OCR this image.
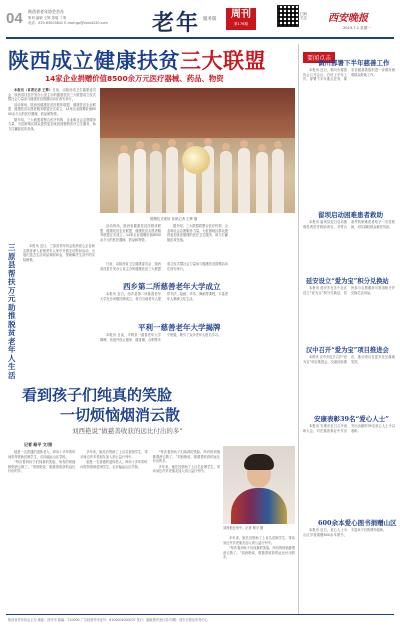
04 陕西省老年协会会办
策划·编辑 王辉 排版 丁明
电话：029-63003842 E-mail:gp@cbcbt120.com 老年 服务版	周刊
第176期
扫码关注	西安晚报
2019.7.1 星期一
陕西成立健康扶贫三大联盟
14家企业捐赠价值8500余万元医疗器械、药品、物资

本报讯（首席记者 王辉）日前，由陕西省卫生健康委员会、陕西省扶贫开发办公室主办的健康扶贫三大联盟成立仪式暨社会力量参与健康扶贫捐赠活动在西安举行。

活动现场，陕西省健康扶贫医联体联盟、健康扶贫企业联盟、健康扶贫志愿者服务联盟正式成立，14家企业捐赠价值8500余万元的医疗器械、药品和物资。

据介绍，三大联盟将整合医疗机构、企业和社会志愿服务力量，为贫困地区群众提供更加优质便捷的医疗卫生服务，助力打赢脱贫攻坚战。

捐赠仪式现场 首席记者 王辉 摄

活动现场，陕西省健康扶贫医联体联盟、健康扶贫企业联盟、健康扶贫志愿者服务联盟正式成立，14家企业捐赠价值8500余万元的医疗器械、药品和物资。

据介绍，三大联盟将整合医疗机构、企业和社会志愿服务力量，为贫困地区群众提供更加优质便捷的医疗卫生服务，助力打赢脱贫攻坚战。

三原县帮扶万元助推脱贫老年人生活
本报讯 近日，三原县老年协会组织爱心企业和志愿者深入贫困老年人家中开展走访慰问活动，为他们送去生活用品和慰问金，帮助解决生活中的实际困难。
西乡第二所慈善老年大学成立
本报讯 近日，西乡县第二所慈善老年大学在沙河镇挂牌成立，将为当地老年人提供书法、绘画、声乐、舞蹈等课程，丰富老年人精神文化生活。
平利一慈善老年大学揭牌
本报讯 日前，平利县一慈善老年大学揭牌，首批开设太极拳、健身操、合唱等多个班级，吸引了众多老年人报名学习。

日前，由陕西省卫生健康委员会、陕西省扶贫开发办公室主办的健康扶贫三大联盟成立仪式暨社会力量参与健康扶贫捐赠活动在西安举行。

看到孩子们纯真的笑脸
一切烦恼烟消云散
刘西艳说“做慈善收获的远比付出的多”
记者 路平 文/图

她是一名普通的退休老人，却用十多年的时间坚持资助贫困学生，走访偏远山区学校。

“每次看到孩子们纯真的笑脸，所有的烦恼都烟消云散了。”刘西艳说，做慈善收获的远比付出的多。

多年来，她先后资助了上百名贫困学生，带动身边许多老朋友加入到公益行列中。

她是一名普通的退休老人，却用十多年的时间坚持资助贫困学生，走访偏远山区学校。

“每次看到孩子们纯真的笑脸，所有的烦恼都烟消云散了。”刘西艳说，做慈善收获的远比付出的多。

多年来，她先后资助了上百名贫困学生，带动身边许多老朋友加入到公益行列中。

刘西艳在家中。记者 路平 摄

多年来，她先后资助了上百名贫困学生，带动身边许多老朋友加入到公益行列中。

“每次看到孩子们纯真的笑脸，所有的烦恼都烟消云散了。”刘西艳说，做慈善收获的远比付出的多。

要闻点击
铜川部署下半年慈善工作
本报讯 近日，铜川市慈善协会召开会议，总结上半年工作，部署下半年重点任务，要求各级慈善组织进一步做好困难群众救助工作。
留坝启动困难患者救助
本报讯 留坝县近日启动困难患者医疗救助项目，对符合条件的困难患者给予一次性救助，切实减轻群众就医负担。
延安设立“爱为宝”积分兑换站
本报讯 延安市在多个社区设立“爱为宝”积分兑换站，居民参与志愿服务可获得积分并兑换生活用品。
汉中召开“爱为宝”项目推进会
本报讯 汉中市近日召开“爱为宝”项目推进会，交流经验做法，推动项目在更多社区落地见效。
安康表彰39名“爱心人士”
本报讯 安康市近日召开表彰大会，对在慈善事业中作出突出贡献的39名爱心人士予以表彰。
600余本爱心图书捐赠山区
本报讯 近日，爱心人士为山区学校捐赠600余本图书，丰富孩子们的课外阅读。
陕西省老年协会主办 地址：西安市 邮编：710000 广告经营许可证号：6100004000037 发行：邮政报刊发行局 印刷：西安日报社印务中心
